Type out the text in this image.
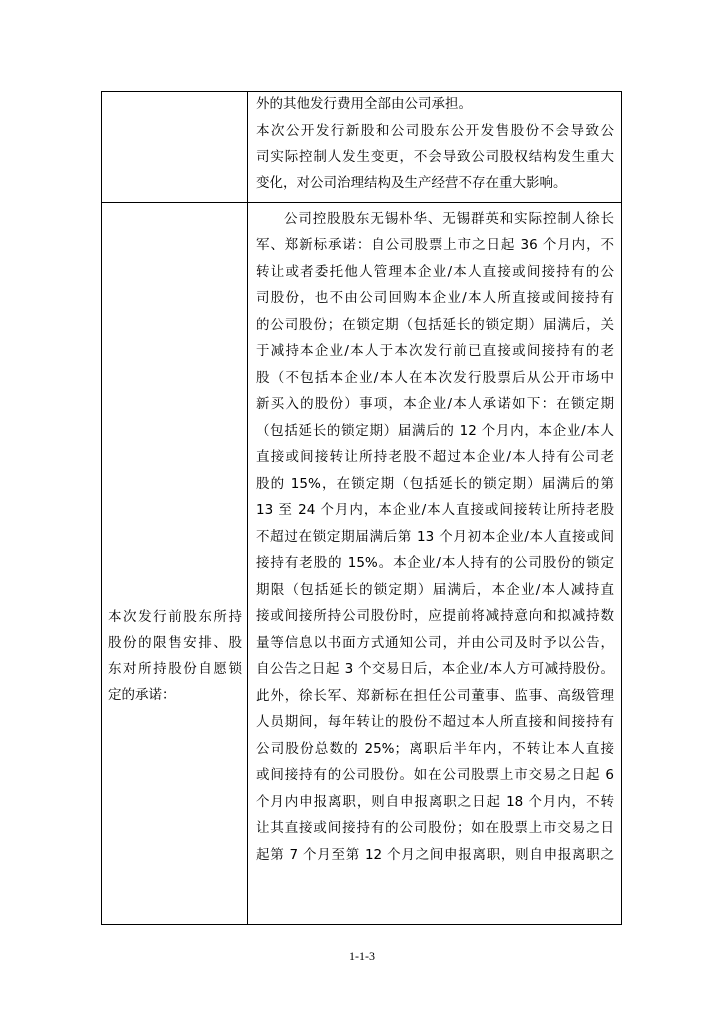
外的其他发行费用全部由公司承担。
本次公开发行新股和公司股东公开发售股份不会导致公
司实际控制人发生变更，不会导致公司股权结构发生重大
变化，对公司治理结构及生产经营不存在重大影响。
本次发行前股东所持
股份的限售安排、股
东对所持股份自愿锁
定的承诺：
公司控股股东无锡朴华、无锡群英和实际控制人徐长
军、郑新标承诺：自公司股票上市之日起 36 个月内，不
转让或者委托他人管理本企业/本人直接或间接持有的公
司股份，也不由公司回购本企业/本人所直接或间接持有
的公司股份；在锁定期（包括延长的锁定期）届满后，关
于减持本企业/本人于本次发行前已直接或间接持有的老
股（不包括本企业/本人在本次发行股票后从公开市场中
新买入的股份）事项，本企业/本人承诺如下：在锁定期
（包括延长的锁定期）届满后的 12 个月内，本企业/本人
直接或间接转让所持老股不超过本企业/本人持有公司老
股的 15%，在锁定期（包括延长的锁定期）届满后的第
13 至 24 个月内，本企业/本人直接或间接转让所持老股
不超过在锁定期届满后第 13 个月初本企业/本人直接或间
接持有老股的 15%。本企业/本人持有的公司股份的锁定
期限（包括延长的锁定期）届满后，本企业/本人减持直
接或间接所持公司股份时，应提前将减持意向和拟减持数
量等信息以书面方式通知公司，并由公司及时予以公告，
自公告之日起 3 个交易日后，本企业/本人方可减持股份。
此外，徐长军、郑新标在担任公司董事、监事、高级管理
人员期间，每年转让的股份不超过本人所直接和间接持有
公司股份总数的 25%；离职后半年内，不转让本人直接
或间接持有的公司股份。如在公司股票上市交易之日起 6
个月内申报离职，则自申报离职之日起 18 个月内，不转
让其直接或间接持有的公司股份；如在股票上市交易之日
起第 7 个月至第 12 个月之间申报离职，则自申报离职之
1-1-3
